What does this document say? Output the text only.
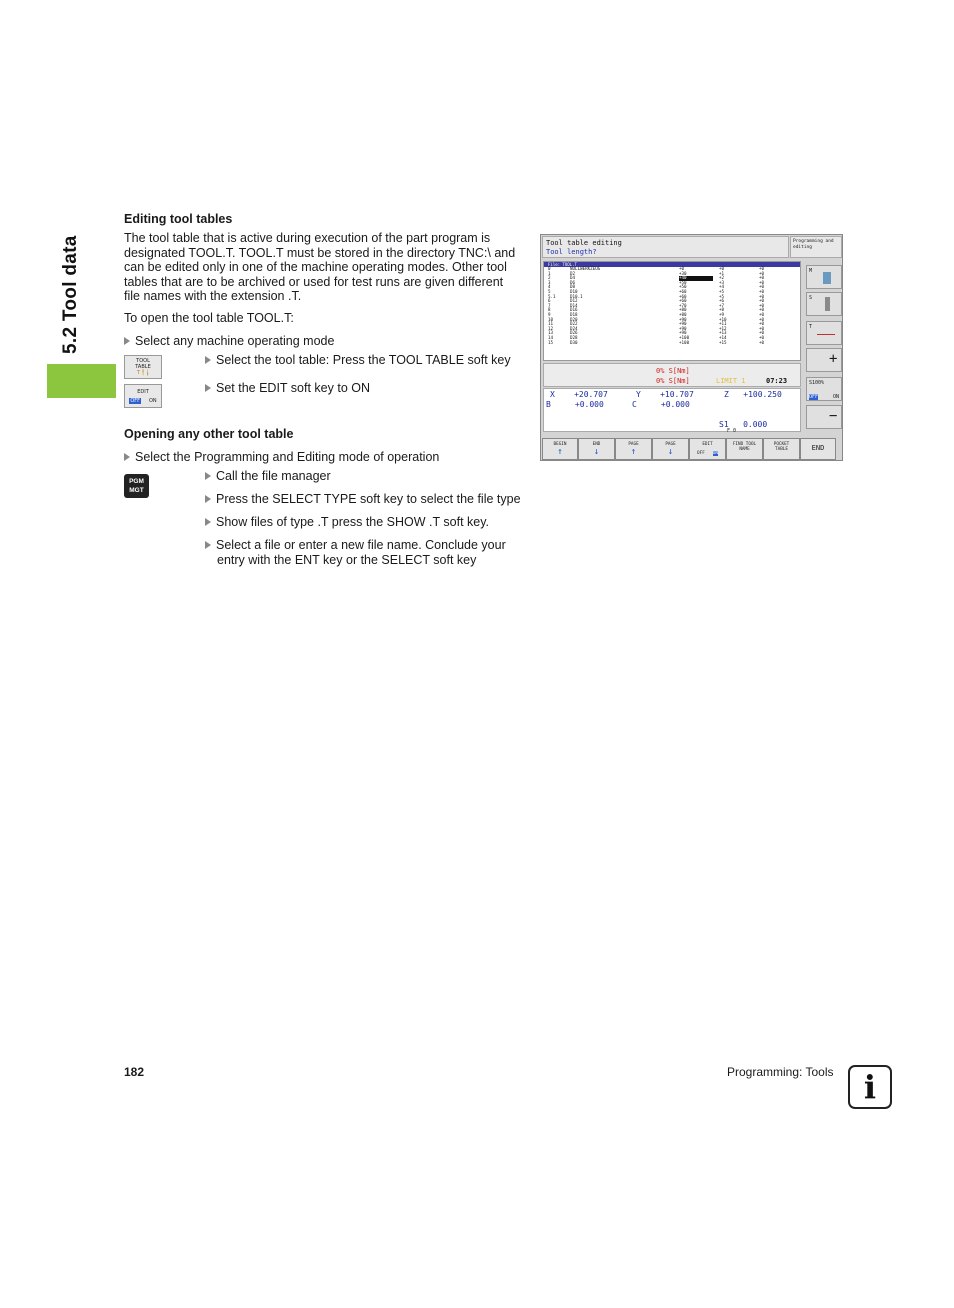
5.2 Tool data
Editing tool tables
The tool table that is active during execution of the part program is
designated TOOL.T. TOOL.T must be stored in the directory TNC:\ and
can be edited only in one of the machine operating modes. Other tool
tables that are to be archived or used for test runs are given different
file names with the extension .T.
To open the tool table TOOL.T:
Select any machine operating mode
TOOL TABLE
T ╿ ╽
Select the tool table: Press the TOOL TABLE soft key
EDIT
OFF ON
Set the EDIT soft key to ON
Opening any other tool table
Select the Programming and Editing mode of operation
PGM
MGT
Call the file manager
Press the SELECT TYPE soft key to select the file type
Show files of type .T press the SHOW .T soft key.
Select a file or enter a new file name. Conclude your
entry with the ENT key or the SELECT soft key
Tool table editing
Tool length?
Programming and editing
File: TOOL.T
0	NULLWERKZEUG	+0	+0	+0
1	D2	+30	+1	+0
2	D4	+40	+2	+0
3	D6	+50	+3	+0
4	D8	+50	+4	+0
5	D10	+60	+5	+0
5.1	D10.1	+60	+5	+0
6	D12	+60	+6	+0
7	D14	+70	+7	+0
8	D16	+80	+8	+0
9	D18	+80	+9	+0
10	D20	+90	+10	+0
11	D22	+90	+11	+0
12	D24	+90	+12	+0
13	D26	+90	+13	+0
14	D28	+100	+14	+0
15	D30	+100	+15	+0
M
S
T
+
S100%
OFF	ON
−
0% S[Nm]
0% S[Nm]	LIMIT 1	07:23
X    +20.707	Y    +10.707	Z   +100.250
B     +0.000	C     +0.000
S1   0.000
F 0
BEGIN
↑
END
↓
PAGE
↑
PAGE
↓
EDIT
OFF ON
FIND TOOL NAME
POCKET TABLE	END
182	Programming: Tools i
